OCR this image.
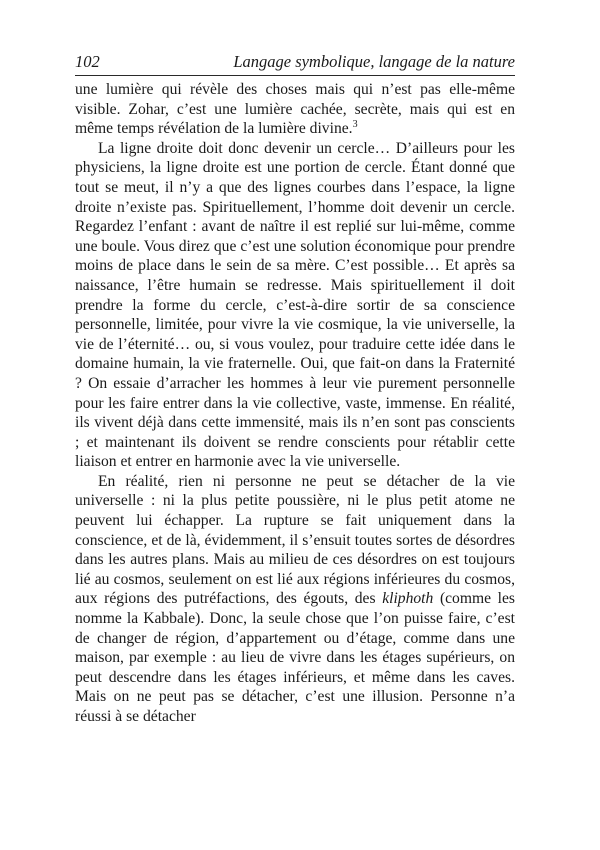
102	Langage symbolique, langage de la nature

une lumière qui révèle des choses mais qui n’est pas elle-même visible. Zohar, c’est une lumière cachée, secrète, mais qui est en même temps révélation de la lumière divine.$^3$

La ligne droite doit donc devenir un cercle… D’ailleurs pour les physiciens, la ligne droite est une portion de cercle. Étant donné que tout se meut, il n’y a que des lignes courbes dans l’espace, la ligne droite n’existe pas. Spirituellement, l’homme doit devenir un cercle. Regardez l’enfant : avant de naître il est replié sur lui-même, comme une boule. Vous direz que c’est une solution économique pour prendre moins de place dans le sein de sa mère. C’est possible… Et après sa naissance, l’être humain se redresse. Mais spirituellement il doit prendre la forme du cercle, c’est-à-dire sortir de sa conscience personnelle, limitée, pour vivre la vie cosmique, la vie universelle, la vie de l’éternité… ou, si vous voulez, pour traduire cette idée dans le domaine humain, la vie fraternelle. Oui, que fait-on dans la Fraternité ? On essaie d’arracher les hommes à leur vie purement personnelle pour les faire entrer dans la vie collective, vaste, immense. En réalité, ils vivent déjà dans cette immensité, mais ils n’en sont pas conscients ; et maintenant ils doivent se rendre conscients pour rétablir cette liaison et entrer en harmonie avec la vie universelle.

En réalité, rien ni personne ne peut se détacher de la vie universelle : ni la plus petite poussière, ni le plus petit atome ne peuvent lui échapper. La rupture se fait uniquement dans la conscience, et de là, évidemment, il s’ensuit toutes sortes de désordres dans les autres plans. Mais au milieu de ces désordres on est toujours lié au cosmos, seulement on est lié aux régions inférieures du cosmos, aux régions des putréfactions, des égouts, des kliphoth (comme les nomme la Kabbale). Donc, la seule chose que l’on puisse faire, c’est de changer de région, d’appartement ou d’étage, comme dans une maison, par exemple : au lieu de vivre dans les étages supérieurs, on peut descendre dans les étages inférieurs, et même dans les caves. Mais on ne peut pas se détacher, c’est une illusion. Personne n’a réussi à se détacher
